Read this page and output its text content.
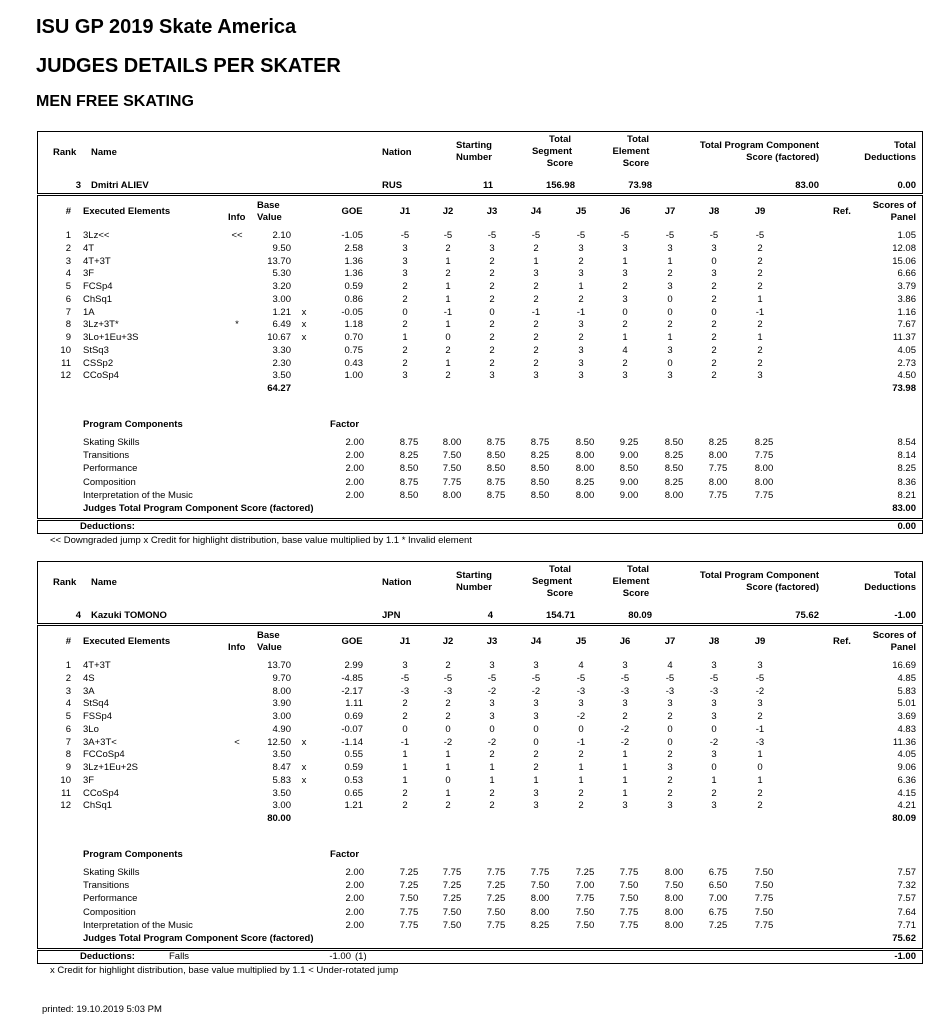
ISU GP 2019 Skate America
JUDGES DETAILS PER SKATER
MEN FREE SKATING
Rank Name	Nation
Starting
Number
Total
Segment
Score
Total
Element
Score
Total Program Component
Score (factored)
Total
Deductions
3 Dmitri ALIEV	RUS	11	156.98	73.98	83.00	0.00
# Executed Elements
Info
Base
Value
GOE	J1	J2	J3	J4	J5	J6	J7	J8	J9	Ref.
Scores of
Panel
1 3Lz<<	<<	2.10	-1.05	-5	-5	-5	-5	-5	-5	-5	-5	-5	1.05
2 4T	9.50	2.58	3	2	3	2	3	3	3	3	2	12.08
3 4T+3T	13.70	1.36	3	1	2	1	2	1	1	0	2	15.06
4 3F	5.30	1.36	3	2	2	3	3	3	2	3	2	6.66
5 FCSp4	3.20	0.59	2	1	2	2	1	2	3	2	2	3.79
6 ChSq1	3.00	0.86	2	1	2	2	2	3	0	2	1	3.86
7 1A	1.21 x	-0.05	0	-1	0	-1	-1	0	0	0	-1	1.16
8 3Lz+3T*	*	6.49 x	1.18	2	1	2	2	3	2	2	2	2	7.67
9 3Lo+1Eu+3S	10.67 x	0.70	1	0	2	2	2	1	1	2	1	11.37
10 StSq3	3.30	0.75	2	2	2	2	3	4	3	2	2	4.05
11 CSSp2	2.30	0.43	2	1	2	2	3	2	0	2	2	2.73
12 CCoSp4	3.50	1.00	3	2	3	3	3	3	3	2	3	4.50
64.27	73.98
Program Components	Factor
Skating Skills	2.00	8.75	8.00	8.75	8.75	8.50	9.25	8.50	8.25	8.25	8.54
Transitions	2.00	8.25	7.50	8.50	8.25	8.00	9.00	8.25	8.00	7.75	8.14
Performance	2.00	8.50	7.50	8.50	8.50	8.00	8.50	8.50	7.75	8.00	8.25
Composition	2.00	8.75	7.75	8.75	8.50	8.25	9.00	8.25	8.00	8.00	8.36
Interpretation of the Music	2.00	8.50	8.00	8.75	8.50	8.00	9.00	8.00	7.75	7.75	8.21
Judges Total Program Component Score (factored)	83.00
Deductions:	0.00
<< Downgraded jump x Credit for highlight distribution, base value multiplied by 1.1 * Invalid element
Rank Name	Nation
Starting
Number
Total
Segment
Score
Total
Element
Score
Total Program Component
Score (factored)
Total
Deductions
4 Kazuki TOMONO	JPN	4	154.71	80.09	75.62	-1.00
# Executed Elements
Info
Base
Value
GOE	J1	J2	J3	J4	J5	J6	J7	J8	J9	Ref.
Scores of
Panel
1 4T+3T	13.70	2.99	3	2	3	3	4	3	4	3	3	16.69
2 4S	9.70	-4.85	-5	-5	-5	-5	-5	-5	-5	-5	-5	4.85
3 3A	8.00	-2.17	-3	-3	-2	-2	-3	-3	-3	-3	-2	5.83
4 StSq4	3.90	1.11	2	2	3	3	3	3	3	3	3	5.01
5 FSSp4	3.00	0.69	2	2	3	3	-2	2	2	3	2	3.69
6 3Lo	4.90	-0.07	0	0	0	0	0	-2	0	0	-1	4.83
7 3A+3T<	<	12.50 x	-1.14	-1	-2	-2	0	-1	-2	0	-2	-3	11.36
8 FCCoSp4	3.50	0.55	1	1	2	2	2	1	2	3	1	4.05
9 3Lz+1Eu+2S	8.47 x	0.59	1	1	1	2	1	1	3	0	0	9.06
10 3F	5.83 x	0.53	1	0	1	1	1	1	2	1	1	6.36
11 CCoSp4	3.50	0.65	2	1	2	3	2	1	2	2	2	4.15
12 ChSq1	3.00	1.21	2	2	2	3	2	3	3	3	2	4.21
80.00	80.09
Program Components	Factor
Skating Skills	2.00	7.25	7.75	7.75	7.75	7.25	7.75	8.00	6.75	7.50	7.57
Transitions	2.00	7.25	7.25	7.25	7.50	7.00	7.50	7.50	6.50	7.50	7.32
Performance	2.00	7.50	7.25	7.25	8.00	7.75	7.50	8.00	7.00	7.75	7.57
Composition	2.00	7.75	7.50	7.50	8.00	7.50	7.75	8.00	6.75	7.50	7.64
Interpretation of the Music	2.00	7.75	7.50	7.75	8.25	7.50	7.75	8.00	7.25	7.75	7.71
Judges Total Program Component Score (factored)	75.62
Deductions:	Falls	-1.00 (1)	-1.00
x Credit for highlight distribution, base value multiplied by 1.1 < Under-rotated jump
printed: 19.10.2019 5:03 PM
